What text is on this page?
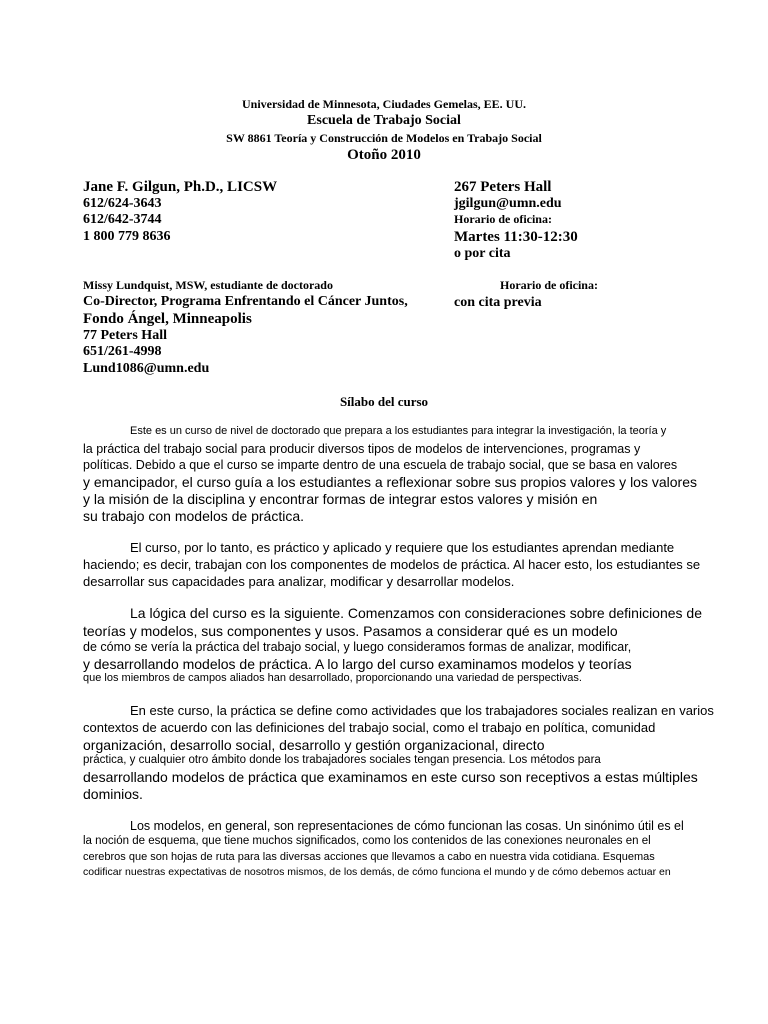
Universidad de Minnesota, Ciudades Gemelas, EE. UU.
Escuela de Trabajo Social
SW 8861 Teoría y Construcción de Modelos en Trabajo Social
Otoño 2010
Jane F. Gilgun, Ph.D., LICSW
612/624-3643
612/642-3744
1 800 779 8636
267 Peters Hall
jgilgun@umn.edu
Horario de oficina:
Martes 11:30-12:30
o por cita
Missy Lundquist, MSW, estudiante de doctorado	Horario de oficina:
Co-Director, Programa Enfrentando el Cáncer Juntos,	con cita previa
Fondo Ángel, Minneapolis
77 Peters Hall
651/261-4998
Lund1086@umn.edu
Sílabo del curso
Este es un curso de nivel de doctorado que prepara a los estudiantes para integrar la investigación, la teoría y
la práctica del trabajo social para producir diversos tipos de modelos de intervenciones, programas y
políticas. Debido a que el curso se imparte dentro de una escuela de trabajo social, que se basa en valores
y emancipador, el curso guía a los estudiantes a reflexionar sobre sus propios valores y los valores
y la misión de la disciplina y encontrar formas de integrar estos valores y misión en
su trabajo con modelos de práctica.
El curso, por lo tanto, es práctico y aplicado y requiere que los estudiantes aprendan mediante
haciendo; es decir, trabajan con los componentes de modelos de práctica. Al hacer esto, los estudiantes se
desarrollar sus capacidades para analizar, modificar y desarrollar modelos.
La lógica del curso es la siguiente. Comenzamos con consideraciones sobre definiciones de
teorías y modelos, sus componentes y usos. Pasamos a considerar qué es un modelo
de cómo se vería la práctica del trabajo social, y luego consideramos formas de analizar, modificar,
y desarrollando modelos de práctica. A lo largo del curso examinamos modelos y teorías
que los miembros de campos aliados han desarrollado, proporcionando una variedad de perspectivas.
En este curso, la práctica se define como actividades que los trabajadores sociales realizan en varios
contextos de acuerdo con las definiciones del trabajo social, como el trabajo en política, comunidad
organización, desarrollo social, desarrollo y gestión organizacional, directo
práctica, y cualquier otro ámbito donde los trabajadores sociales tengan presencia. Los métodos para
desarrollando modelos de práctica que examinamos en este curso son receptivos a estas múltiples
dominios.
Los modelos, en general, son representaciones de cómo funcionan las cosas. Un sinónimo útil es el
la noción de esquema, que tiene muchos significados, como los contenidos de las conexiones neuronales en el
cerebros que son hojas de ruta para las diversas acciones que llevamos a cabo en nuestra vida cotidiana. Esquemas
codificar nuestras expectativas de nosotros mismos, de los demás, de cómo funciona el mundo y de cómo debemos actuar en
